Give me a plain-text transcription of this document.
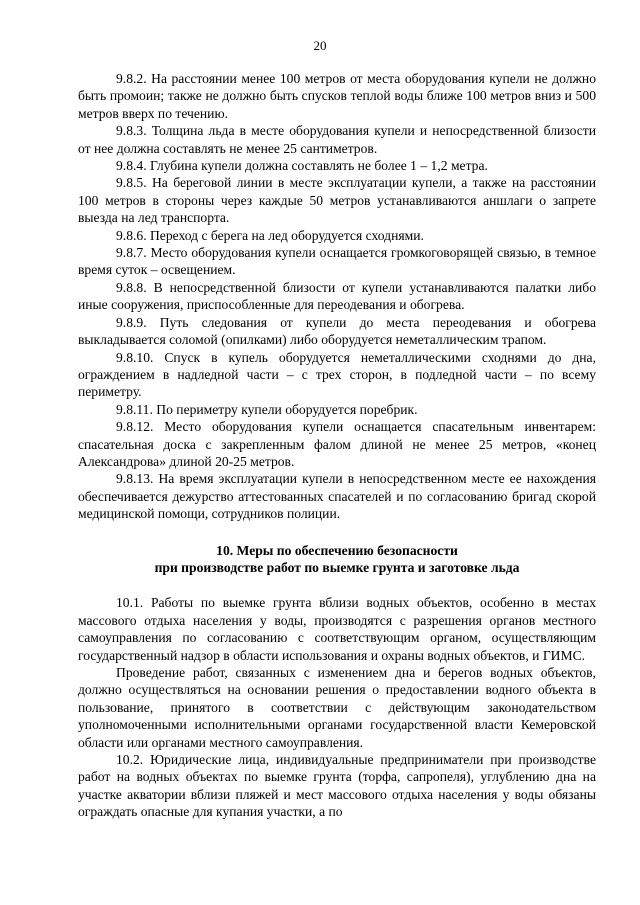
20

9.8.2. На расстоянии менее 100 метров от места оборудования купели не должно быть промоин; также не должно быть спусков теплой воды ближе 100 метров вниз и 500 метров вверх по течению.

9.8.3. Толщина льда в месте оборудования купели и непосредственной близости от нее должна составлять не менее 25 сантиметров.

9.8.4. Глубина купели должна составлять не более 1 – 1,2 метра.

9.8.5. На береговой линии в месте эксплуатации купели, а также на расстоянии 100 метров в стороны через каждые 50 метров устанавливаются аншлаги о запрете выезда на лед транспорта.

9.8.6. Переход с берега на лед оборудуется сходнями.

9.8.7. Место оборудования купели оснащается громкоговорящей связью, в темное время суток – освещением.

9.8.8. В непосредственной близости от купели устанавливаются палатки либо иные сооружения, приспособленные для переодевания и обогрева.

9.8.9. Путь следования от купели до места переодевания и обогрева выкладывается соломой (опилками) либо оборудуется неметаллическим трапом.

9.8.10. Спуск в купель оборудуется неметаллическими сходнями до дна, ограждением в надледной части – с трех сторон, в подледной части – по всему периметру.

9.8.11. По периметру купели оборудуется поребрик.

9.8.12. Место оборудования купели оснащается спасательным инвентарем: спасательная доска с закрепленным фалом длиной не менее 25 метров, «конец Александрова» длиной 20-25 метров.

9.8.13. На время эксплуатации купели в непосредственном месте ее нахождения обеспечивается дежурство аттестованных спасателей и по согласованию бригад скорой медицинской помощи, сотрудников полиции.

10. Меры по обеспечению безопасности
при производстве работ по выемке грунта и заготовке льда

10.1. Работы по выемке грунта вблизи водных объектов, особенно в местах массового отдыха населения у воды, производятся с разрешения органов местного самоуправления по согласованию с соответствующим органом, осуществляющим государственный надзор в области использования и охраны водных объектов, и ГИМС.

Проведение работ, связанных с изменением дна и берегов водных объектов, должно осуществляться на основании решения о предоставлении водного объекта в пользование, принятого в соответствии с действующим законодательством уполномоченными исполнительными органами государственной власти Кемеровской области или органами местного самоуправления.

10.2. Юридические лица, индивидуальные предприниматели при производстве работ на водных объектах по выемке грунта (торфа, сапропеля), углублению дна на участке акватории вблизи пляжей и мест массового отдыха населения у воды обязаны ограждать опасные для купания участки, а по
